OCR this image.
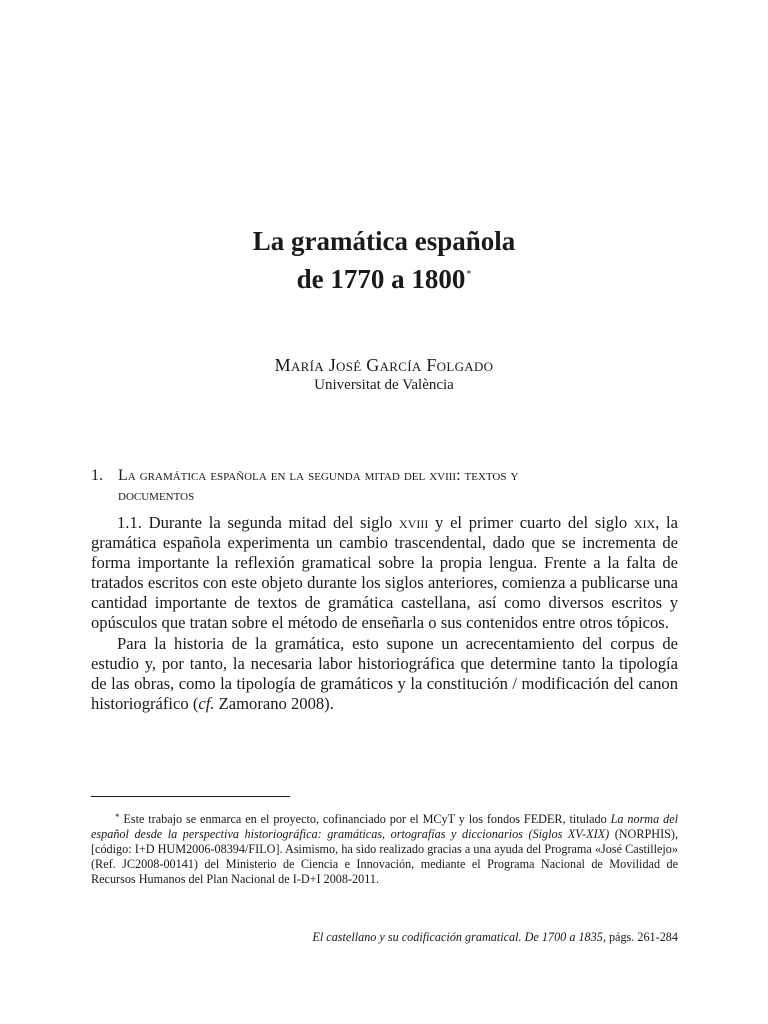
La gramática española
de 1770 a 1800*
María José García Folgado
Universitat de València
1. La gramática española en la segunda mitad del xviii: textos y
documentos

1.1. Durante la segunda mitad del siglo xviii y el primer cuarto del siglo xix, la gramática española experimenta un cambio trascendental, dado que se incrementa de forma importante la reflexión gramatical sobre la propia lengua. Frente a la falta de tratados escritos con este objeto durante los siglos anteriores, comienza a publicarse una cantidad importante de textos de gramática castellana, así como diversos escritos y opúsculos que tratan sobre el método de enseñarla o sus contenidos entre otros tópicos.

Para la historia de la gramática, esto supone un acrecentamiento del corpus de estudio y, por tanto, la necesaria labor historiográfica que determine tanto la tipología de las obras, como la tipología de gramáticos y la constitución / modificación del canon historiográfico (cf. Zamorano 2008).

* Este trabajo se enmarca en el proyecto, cofinanciado por el MCyT y los fondos FEDER, titulado La norma del español desde la perspectiva historiográfica: gramáticas, ortografías y diccionarios (Siglos XV-XIX) (NORPHIS), [código: I+D HUM2006-08394/FILO]. Asimismo, ha sido realizado gracias a una ayuda del Programa «José Castillejo» (Ref. JC2008-00141) del Ministerio de Ciencia e Innovación, mediante el Programa Nacional de Movilidad de Recursos Humanos del Plan Nacional de I-D+I 2008-2011.

El castellano y su codificación gramatical. De 1700 a 1835, págs. 261-284
